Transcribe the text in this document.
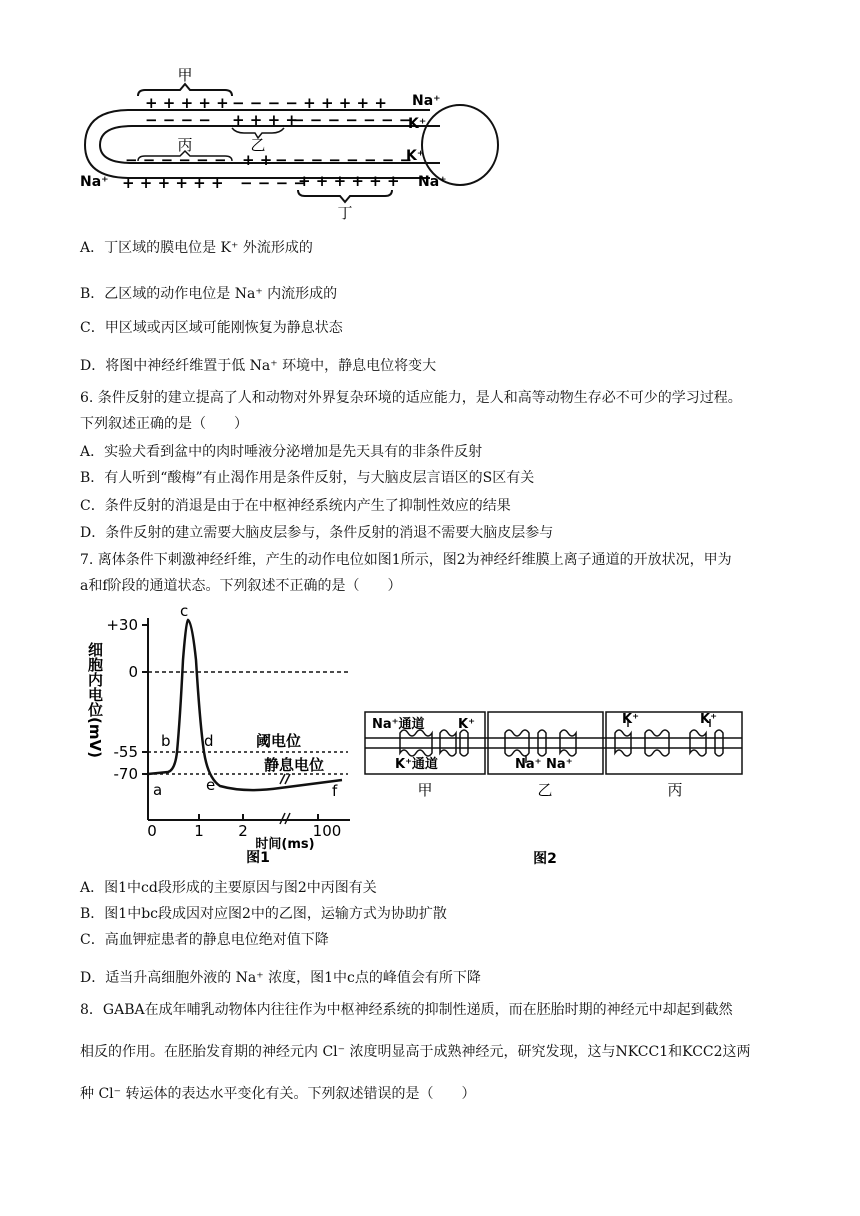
甲
乙
丙
丁
+ + + + + − − − − + + + + + Na⁺
− − − − + + + +
− − − − − − −
K⁺
− − − − − − + + − − − − − − − −
K⁺
Na⁺ + + + + + + − − − −
+ + + + + + Na⁺
A．丁区域的膜电位是 K⁺ 外流形成的
B．乙区域的动作电位是 Na⁺ 内流形成的
C．甲区域或丙区域可能刚恢复为静息状态
D．将图中神经纤维置于低 Na⁺ 环境中，静息电位将变大
6. 条件反射的建立提高了人和动物对外界复杂环境的适应能力，是人和高等动物生存必不可少的学习过程。
下列叙述正确的是（　　）
A．实验犬看到盆中的肉时唾液分泌增加是先天具有的非条件反射
B．有人听到“酸梅”有止渴作用是条件反射，与大脑皮层言语区的S区有关
C．条件反射的消退是由于在中枢神经系统内产生了抑制性效应的结果
D．条件反射的建立需要大脑皮层参与，条件反射的消退不需要大脑皮层参与
7. 离体条件下刺激神经纤维，产生的动作电位如图1所示，图2为神经纤维膜上离子通道的开放状况，甲为
a和f阶段的通道状态。下列叙述不正确的是（　　）
+30
0
-55
-70
细胞内电位(mV)
0 1 2	100
时间(ms)
图1
a
b
c
d
e	f
阈电位
静息电位
Na⁺通道	K⁺
K⁺通道	Na⁺ Na⁺
K⁺	K⁺
甲	乙	丙
图2
A．图1中cd段形成的主要原因与图2中丙图有关
B．图1中bc段成因对应图2中的乙图，运输方式为协助扩散
C．高血钾症患者的静息电位绝对值下降
D．适当升高细胞外液的 Na⁺ 浓度，图1中c点的峰值会有所下降
8．GABA在成年哺乳动物体内往往作为中枢神经系统的抑制性递质，而在胚胎时期的神经元中却起到截然
相反的作用。在胚胎发育期的神经元内 Cl⁻ 浓度明显高于成熟神经元，研究发现，这与NKCC1和KCC2这两
种 Cl⁻ 转运体的表达水平变化有关。下列叙述错误的是（　　）
